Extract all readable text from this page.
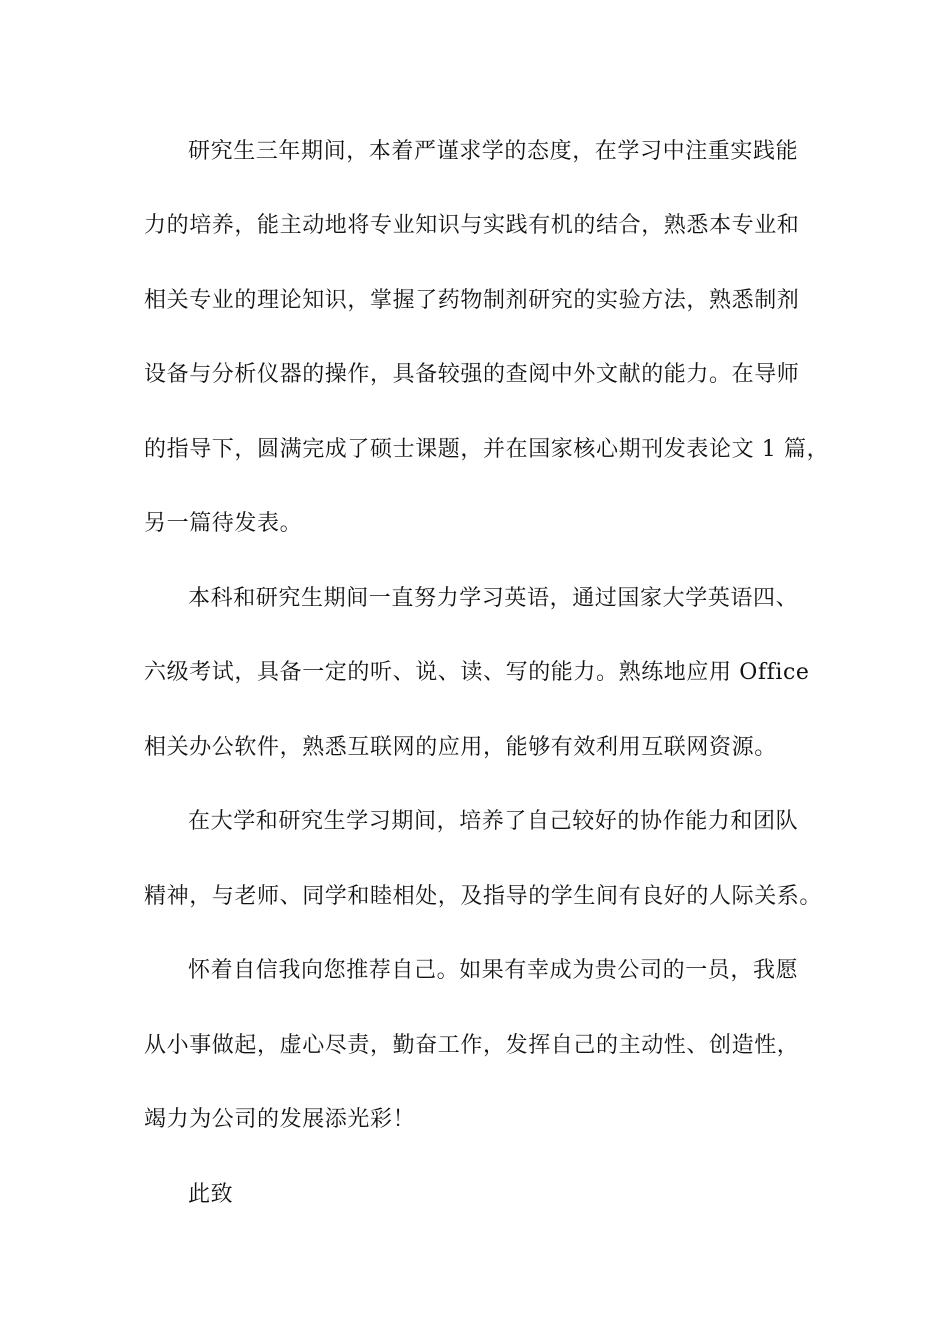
研究生三年期间，本着严谨求学的态度，在学习中注重实践能
力的培养，能主动地将专业知识与实践有机的结合，熟悉本专业和
相关专业的理论知识，掌握了药物制剂研究的实验方法，熟悉制剂
设备与分析仪器的操作，具备较强的查阅中外文献的能力。在导师
的指导下，圆满完成了硕士课题，并在国家核心期刊发表论文 1 篇，
另一篇待发表。
本科和研究生期间一直努力学习英语，通过国家大学英语四、
六级考试，具备一定的听、说、读、写的能力。熟练地应用 Office
相关办公软件，熟悉互联网的应用，能够有效利用互联网资源。
在大学和研究生学习期间，培养了自己较好的协作能力和团队
精神，与老师、同学和睦相处，及指导的学生间有良好的人际关系。
怀着自信我向您推荐自己。如果有幸成为贵公司的一员，我愿
从小事做起，虚心尽责，勤奋工作，发挥自己的主动性、创造性，
竭力为公司的发展添光彩！
此致
